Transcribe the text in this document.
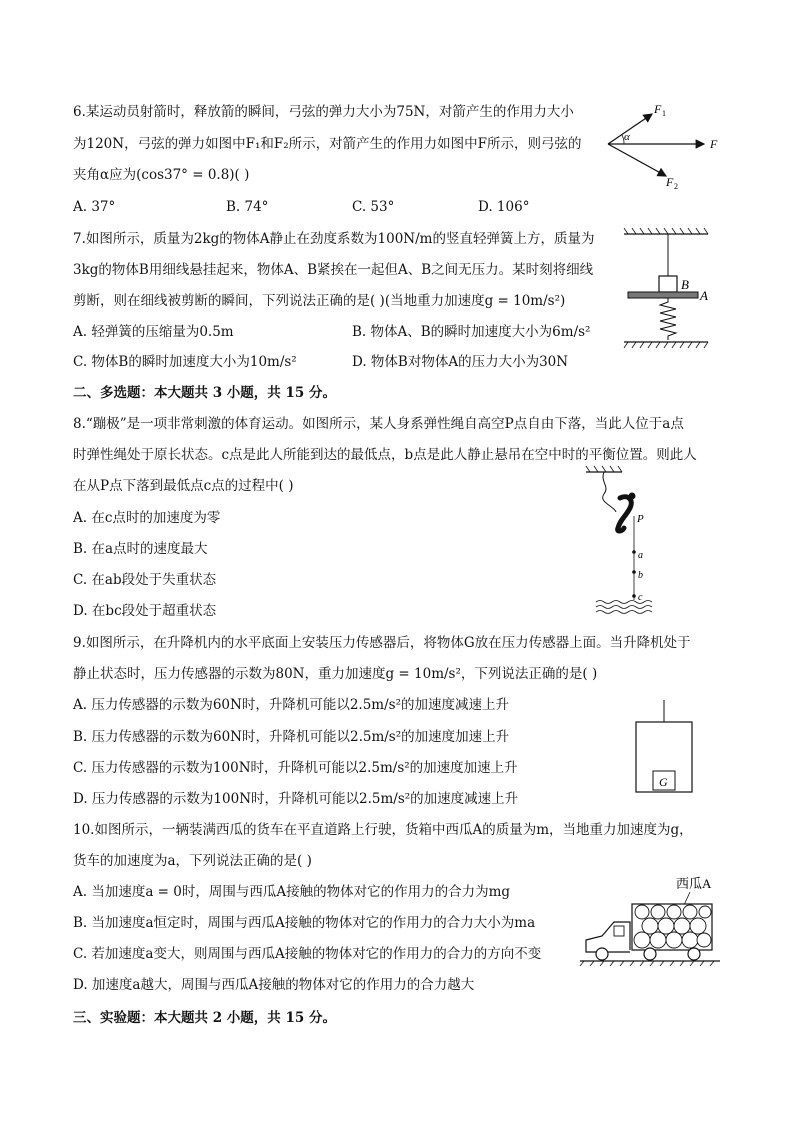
6.某运动员射箭时，释放箭的瞬间，弓弦的弹力大小为75N，对箭产生的作用力大小
为120N，弓弦的弹力如图中F₁和F₂所示，对箭产生的作用力如图中F所示，则弓弦的
夹角α应为(cos37° = 0.8)( )
A. 37°	B. 74°	C. 53°	D. 106°
α
F 1
F
F 2
7.如图所示，质量为2kg的物体A静止在劲度系数为100N/m的竖直轻弹簧上方，质量为
3kg的物体B用细线悬挂起来，物体A、B紧挨在一起但A、B之间无压力。某时刻将细线
剪断，则在细线被剪断的瞬间，下列说法正确的是( )(当地重力加速度g = 10m/s²)
A. 轻弹簧的压缩量为0.5m	B. 物体A、B的瞬时加速度大小为6m/s²
C. 物体B的瞬时加速度大小为10m/s²	D. 物体B对物体A的压力大小为30N
B
A
二、多选题：本大题共 3 小题，共 15 分。
8.“蹦极”是一项非常刺激的体育运动。如图所示，某人身系弹性绳自高空P点自由下落，当此人位于a点
时弹性绳处于原长状态。c点是此人所能到达的最低点，b点是此人静止悬吊在空中时的平衡位置。则此人
在从P点下落到最低点c点的过程中( )
A. 在c点时的加速度为零
B. 在a点时的速度最大
C. 在ab段处于失重状态
D. 在bc段处于超重状态
P
a
b
c
9.如图所示，在升降机内的水平底面上安装压力传感器后，将物体G放在压力传感器上面。当升降机处于
静止状态时，压力传感器的示数为80N，重力加速度g = 10m/s²，下列说法正确的是( )
A. 压力传感器的示数为60N时，升降机可能以2.5m/s²的加速度减速上升
B. 压力传感器的示数为60N时，升降机可能以2.5m/s²的加速度加速上升
C. 压力传感器的示数为100N时，升降机可能以2.5m/s²的加速度加速上升
D. 压力传感器的示数为100N时，升降机可能以2.5m/s²的加速度减速上升
G
10.如图所示，一辆装满西瓜的货车在平直道路上行驶，货箱中西瓜A的质量为m，当地重力加速度为g，
货车的加速度为a，下列说法正确的是( )
A. 当加速度a = 0时，周围与西瓜A接触的物体对它的作用力的合力为mg
B. 当加速度a恒定时，周围与西瓜A接触的物体对它的作用力的合力大小为ma
C. 若加速度a变大，则周围与西瓜A接触的物体对它的作用力的合力的方向不变
D. 加速度a越大，周围与西瓜A接触的物体对它的作用力的合力越大
西瓜A
三、实验题：本大题共 2 小题，共 15 分。
